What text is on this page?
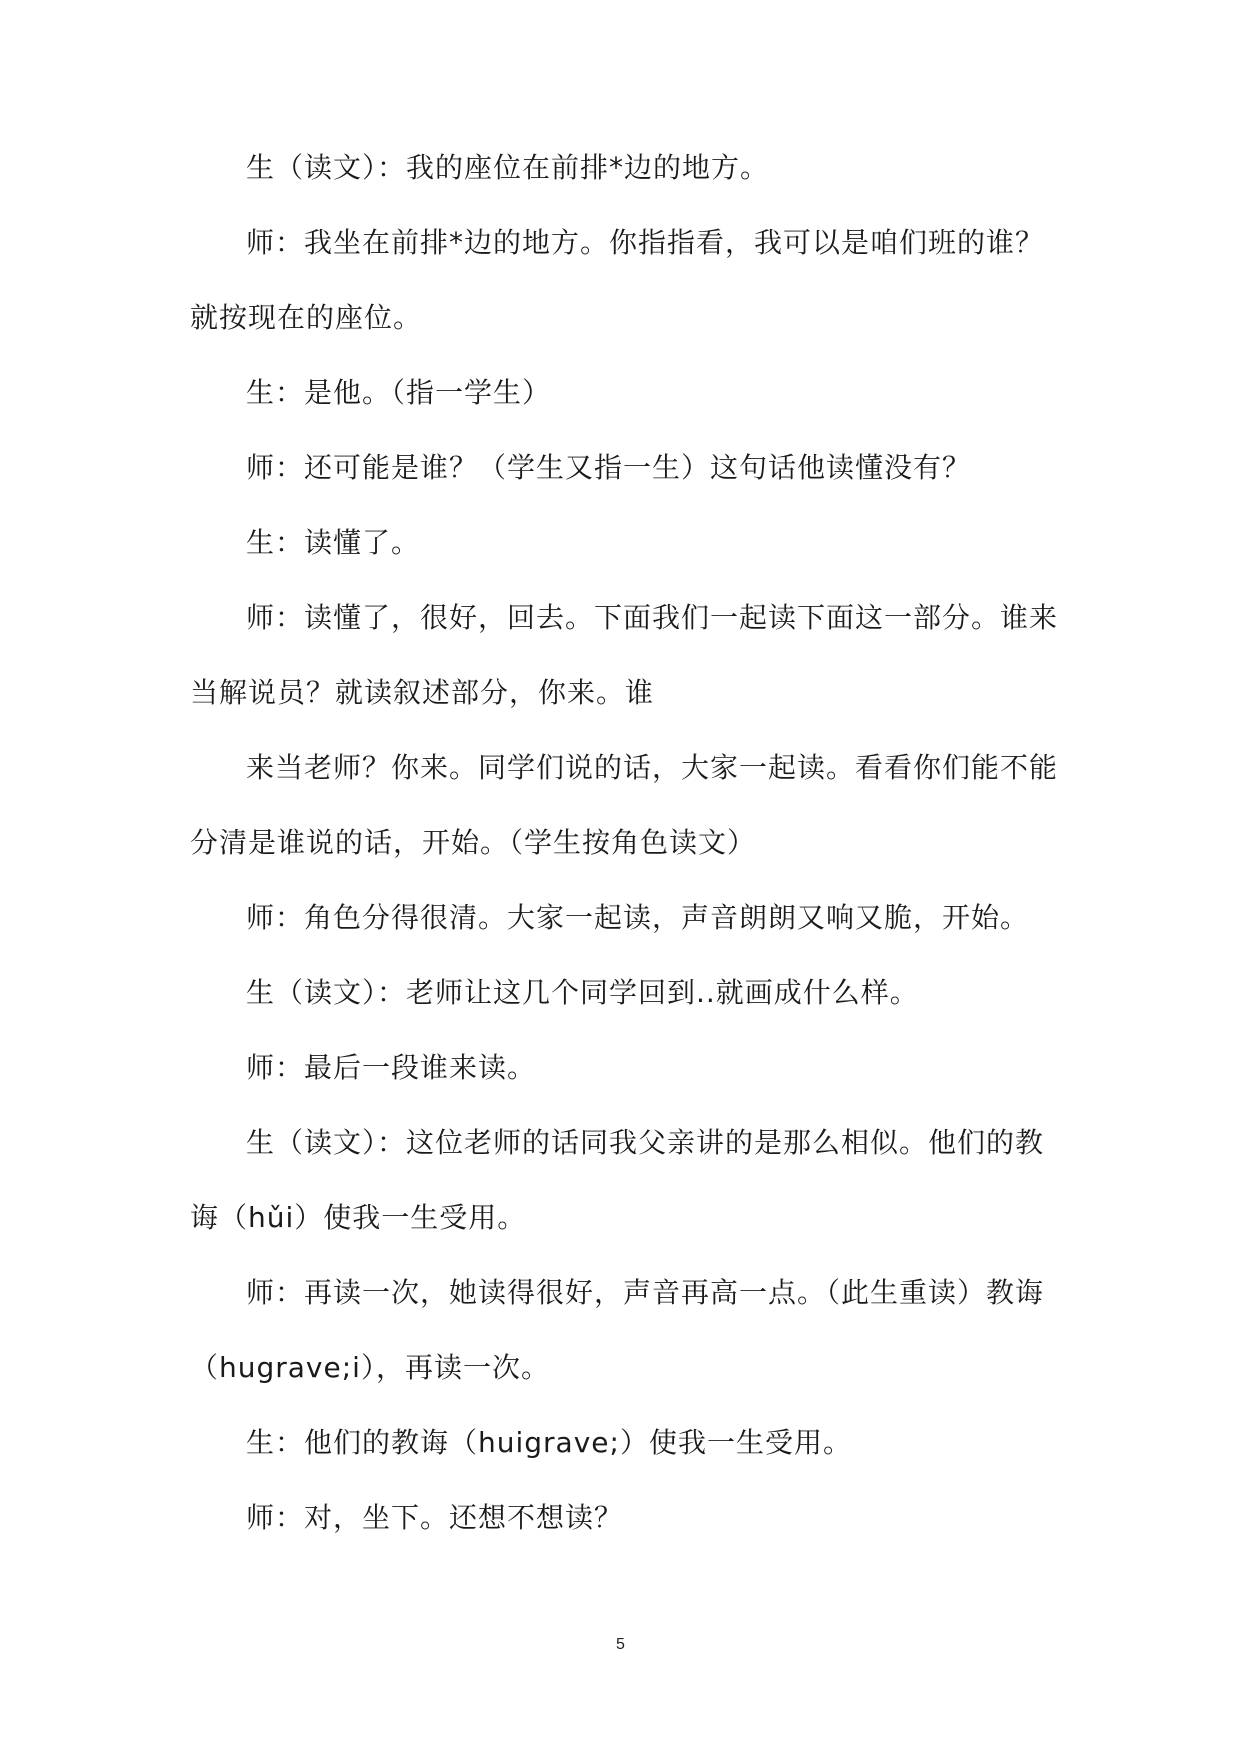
生（读文）：我的座位在前排*边的地方。

师：我坐在前排*边的地方。你指指看，我可以是咱们班的谁？

就按现在的座位。

生：是他。（指一学生）

师：还可能是谁？（学生又指一生）这句话他读懂没有？

生：读懂了。

师：读懂了，很好，回去。下面我们一起读下面这一部分。谁来

当解说员？就读叙述部分，你来。谁

来当老师？你来。同学们说的话，大家一起读。看看你们能不能

分清是谁说的话，开始。（学生按角色读文）

师：角色分得很清。大家一起读，声音朗朗又响又脆，开始。

生（读文）：老师让这几个同学回到..就画成什么样。

师：最后一段谁来读。

生（读文）：这位老师的话同我父亲讲的是那么相似。他们的教

诲（hǔi）使我一生受用。

师：再读一次，她读得很好，声音再高一点。（此生重读）教诲

（hugrave;i），再读一次。

生：他们的教诲（huigrave;）使我一生受用。

师：对，坐下。还想不想读？

5
